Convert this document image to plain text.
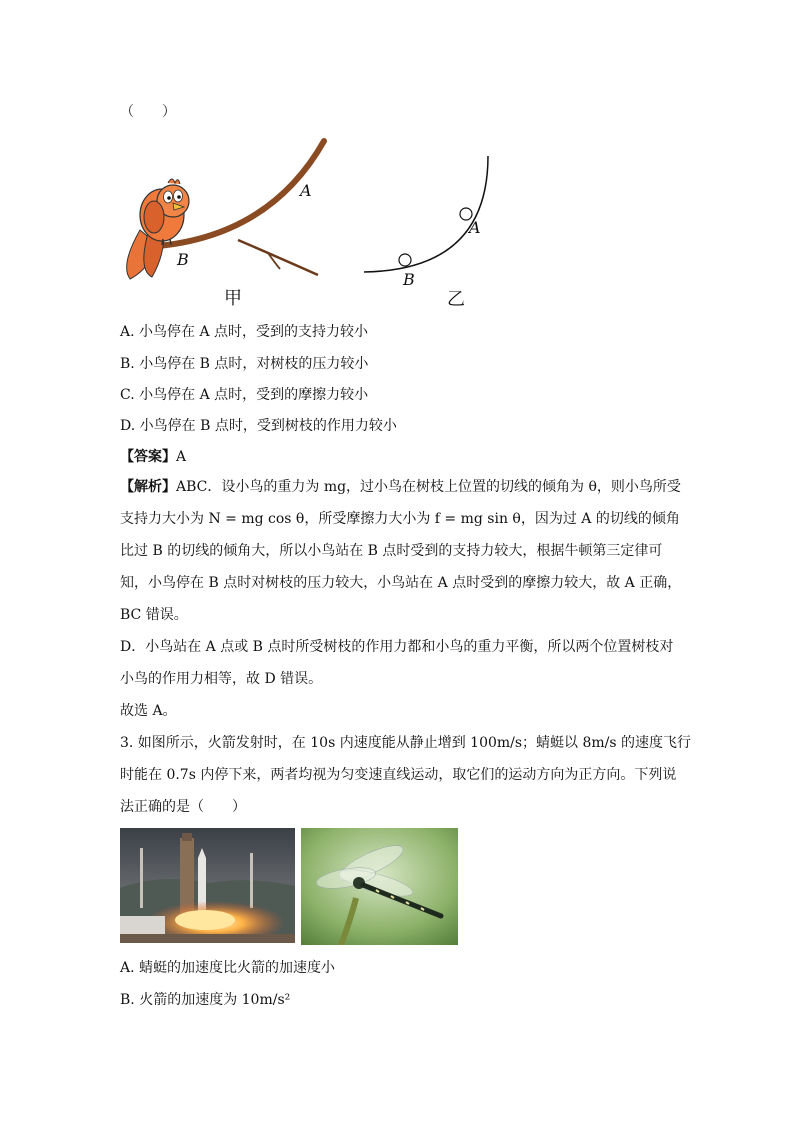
（　　）
A
B
甲
A
B
乙
A. 小鸟停在 A 点时，受到的支持力较小
B. 小鸟停在 B 点时，对树枝的压力较小
C. 小鸟停在 A 点时，受到的摩擦力较小
D. 小鸟停在 B 点时，受到树枝的作用力较小
【答案】A
【解析】ABC．设小鸟的重力为 mg，过小鸟在树枝上位置的切线的倾角为 θ，则小鸟所受
支持力大小为 N = mg cos θ，所受摩擦力大小为 f = mg sin θ，因为过 A 的切线的倾角
比过 B 的切线的倾角大，所以小鸟站在 B 点时受到的支持力较大，根据牛顿第三定律可
知，小鸟停在 B 点时对树枝的压力较大，小鸟站在 A 点时受到的摩擦力较大，故 A 正确，
BC 错误。
D．小鸟站在 A 点或 B 点时所受树枝的作用力都和小鸟的重力平衡，所以两个位置树枝对
小鸟的作用力相等，故 D 错误。
故选 A。
3. 如图所示，火箭发射时，在 10s 内速度能从静止增到 100m/s；蜻蜓以 8m/s 的速度飞行
时能在 0.7s 内停下来，两者均视为匀变速直线运动，取它们的运动方向为正方向。下列说
法正确的是（　　）
A. 蜻蜓的加速度比火箭的加速度小
B. 火箭的加速度为 10m/s²
